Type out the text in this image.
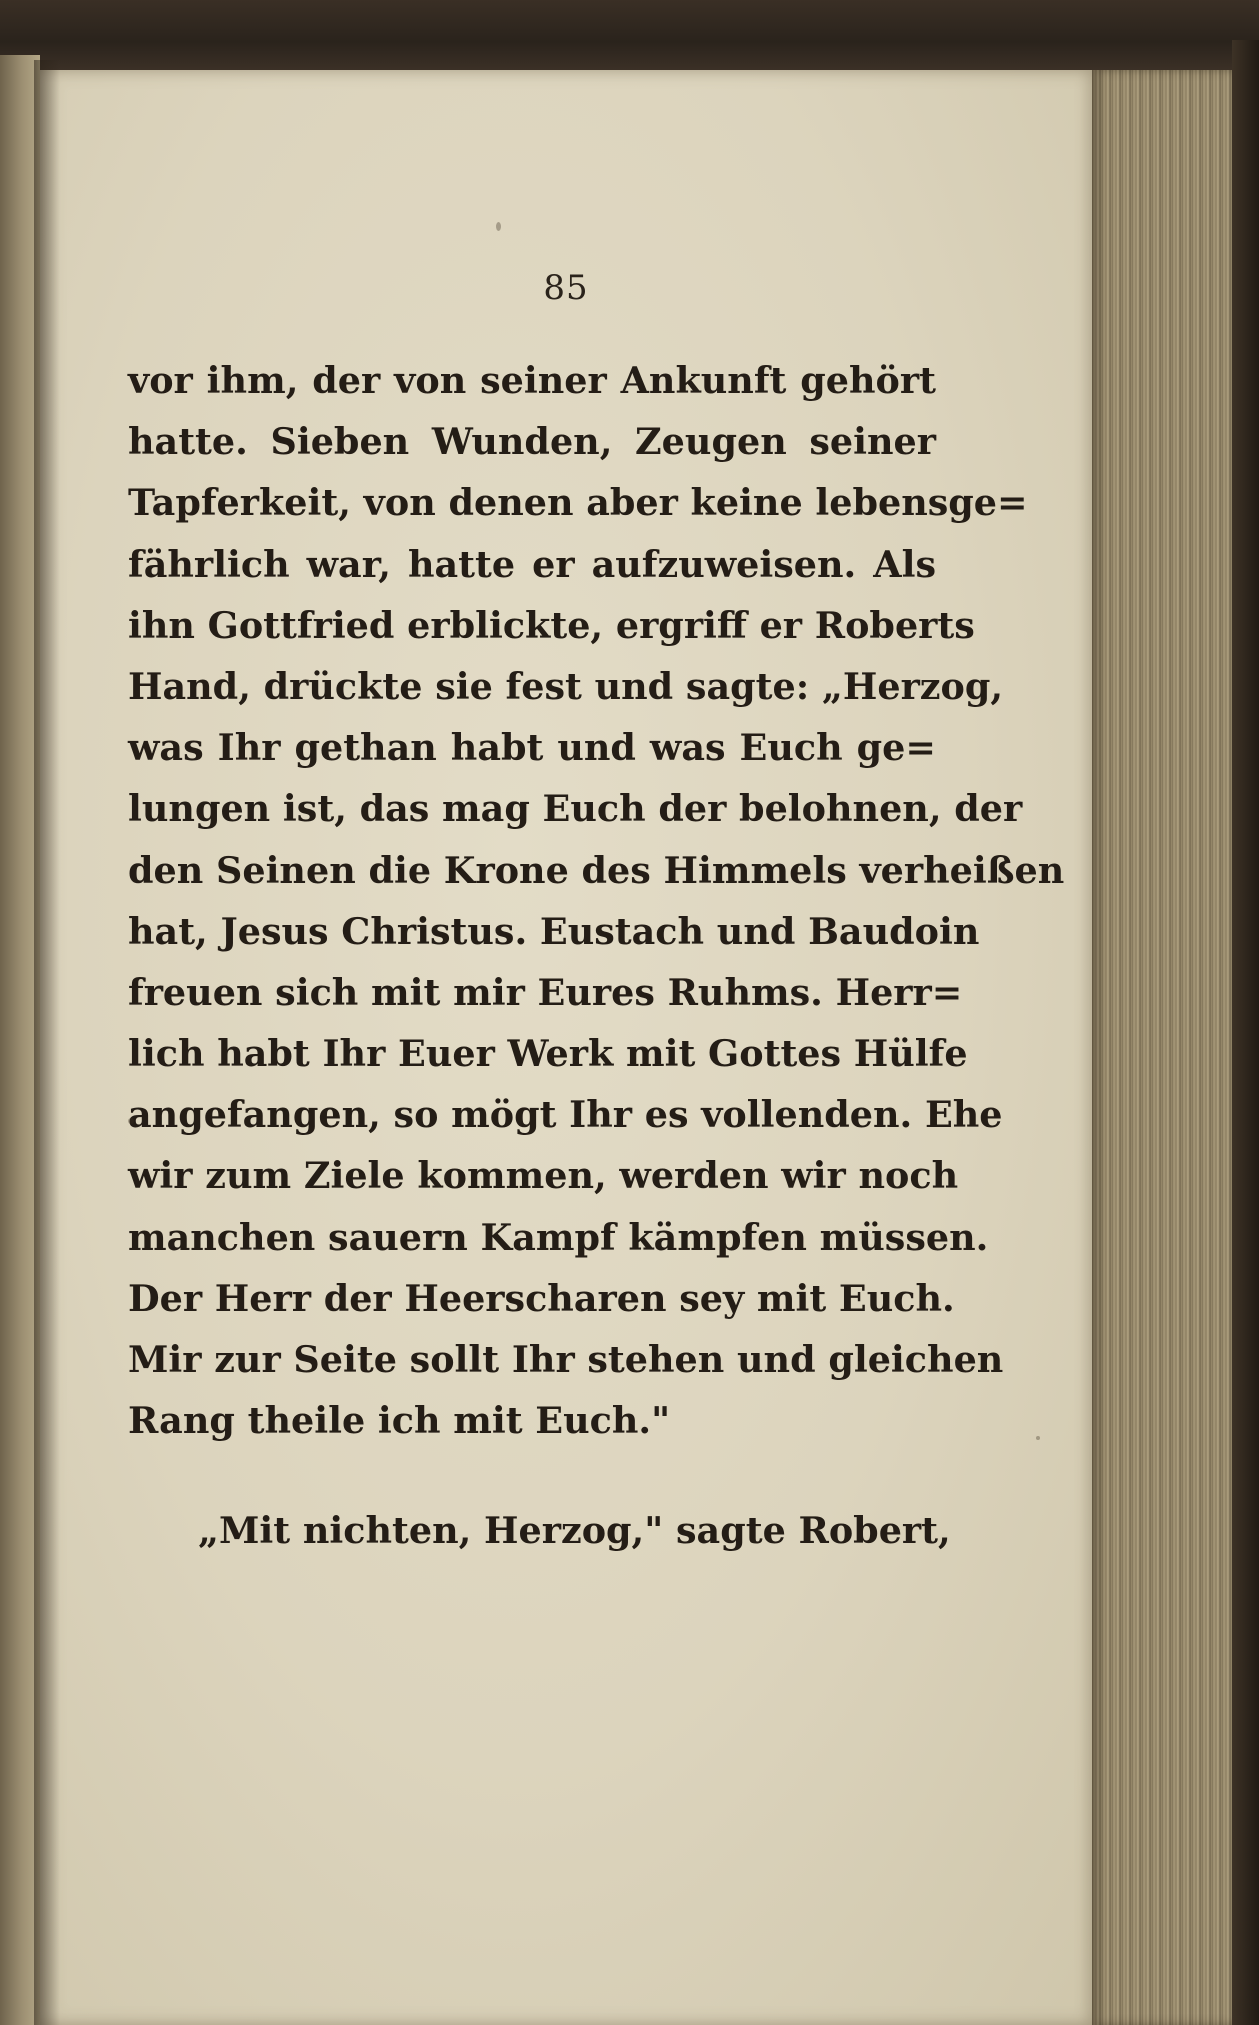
85
vor ihm, der von seiner Ankunft gehört
hatte. Sieben Wunden, Zeugen seiner
Tapferkeit, von denen aber keine lebensge=
fährlich war, hatte er aufzuweisen. Als
ihn Gottfried erblickte, ergriff er Roberts
Hand, drückte sie fest und sagte: „Herzog,
was Ihr gethan habt und was Euch ge=
lungen ist, das mag Euch der belohnen, der
den Seinen die Krone des Himmels verheißen
hat, Jesus Christus. Eustach und Baudoin
freuen sich mit mir Eures Ruhms. Herr=
lich habt Ihr Euer Werk mit Gottes Hülfe
angefangen, so mögt Ihr es vollenden. Ehe
wir zum Ziele kommen, werden wir noch
manchen sauern Kampf kämpfen müssen.
Der Herr der Heerscharen sey mit Euch.
Mir zur Seite sollt Ihr stehen und gleichen
Rang theile ich mit Euch."
„Mit nichten, Herzog," sagte Robert,
